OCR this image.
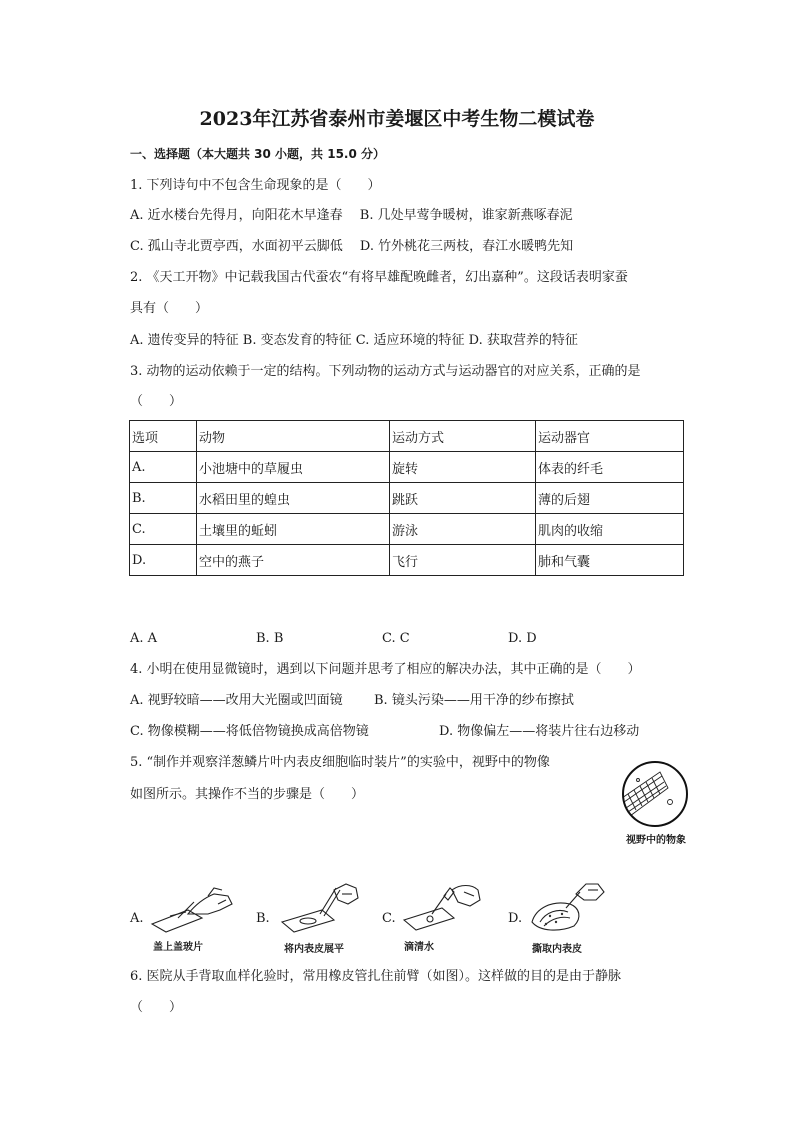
2023年江苏省泰州市姜堰区中考生物二模试卷
一、选择题（本大题共 30 小题，共 15.0 分）
1. 下列诗句中不包含生命现象的是（　　）
A. 近水楼台先得月，向阳花木早逢春　 B. 几处早莺争暖树，谁家新燕啄春泥
C. 孤山寺北贾亭西，水面初平云脚低　 D. 竹外桃花三两枝，春江水暖鸭先知
2. 《天工开物》中记载我国古代蚕农“有将早雄配晚雌者，幻出嘉种”。这段话表明家蚕
具有（　　）
A. 遗传变异的特征 B. 变态发育的特征 C. 适应环境的特征 D. 获取营养的特征
3. 动物的运动依赖于一定的结构。下列动物的运动方式与运动器官的对应关系，正确的是
（　　）
选项	动物	运动方式	运动器官
A.	小池塘中的草履虫	旋转	体表的纤毛
B.	水稻田里的蝗虫	跳跃	薄的后翅
C.	土壤里的蚯蚓	游泳	肌肉的收缩
D.	空中的燕子	飞行	肺和气囊
A. A	B. B	C. C	D. D
4. 小明在使用显微镜时，遇到以下问题并思考了相应的解决办法，其中正确的是（　　）
A. 视野较暗——改用大光圈或凹面镜 B. 镜头污染——用干净的纱布擦拭
C. 物像模糊——将低倍物镜换成高倍物镜	D. 物像偏左——将装片往右边移动
5. “制作并观察洋葱鳞片叶内表皮细胞临时装片”的实验中，视野中的物像
如图所示。其操作不当的步骤是（　　）
视野中的物象
A.
盖上盖玻片
B.
将内表皮展平
C.
滴清水
D.
撕取内表皮
6. 医院从手背取血样化验时，常用橡皮管扎住前臂（如图）。这样做的目的是由于静脉
（　　）
